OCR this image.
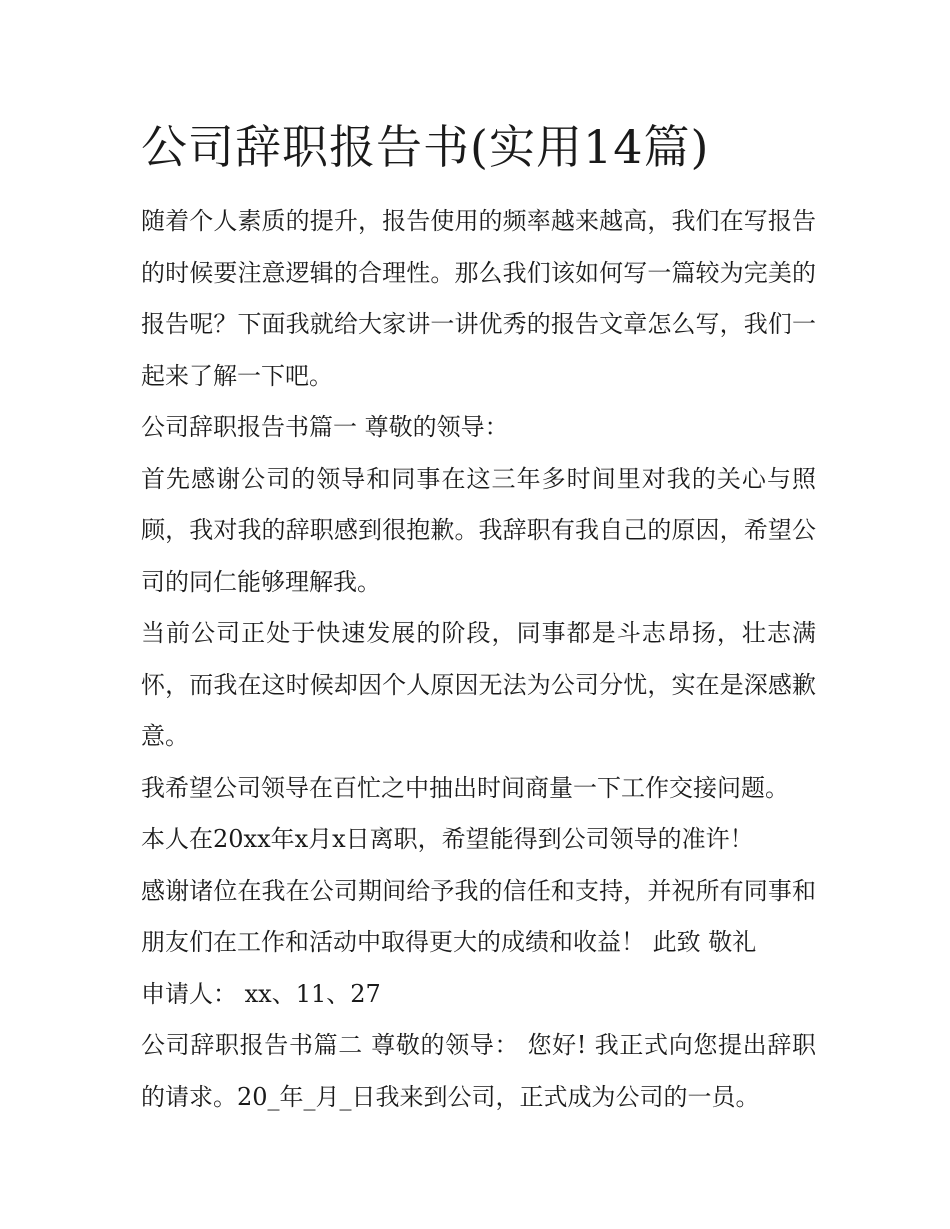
公司辞职报告书(实用14篇)

随着个人素质的提升，报告使用的频率越来越高，我们在写报告的时候要注意逻辑的合理性。那么我们该如何写一篇较为完美的报告呢？下面我就给大家讲一讲优秀的报告文章怎么写，我们一起来了解一下吧。

公司辞职报告书篇一 尊敬的领导：

首先感谢公司的领导和同事在这三年多时间里对我的关心与照顾，我对我的辞职感到很抱歉。我辞职有我自己的原因，希望公司的同仁能够理解我。

当前公司正处于快速发展的阶段，同事都是斗志昂扬，壮志满怀，而我在这时候却因个人原因无法为公司分忧，实在是深感歉意。

我希望公司领导在百忙之中抽出时间商量一下工作交接问题。

本人在20xx年x月x日离职，希望能得到公司领导的准许！

感谢诸位在我在公司期间给予我的信任和支持，并祝所有同事和朋友们在工作和活动中取得更大的成绩和收益！ 此致 敬礼

申请人： xx、11、27

公司辞职报告书篇二 尊敬的领导： 您好! 我正式向您提出辞职的请求。20_年_月_日我来到公司，正式成为公司的一员。
